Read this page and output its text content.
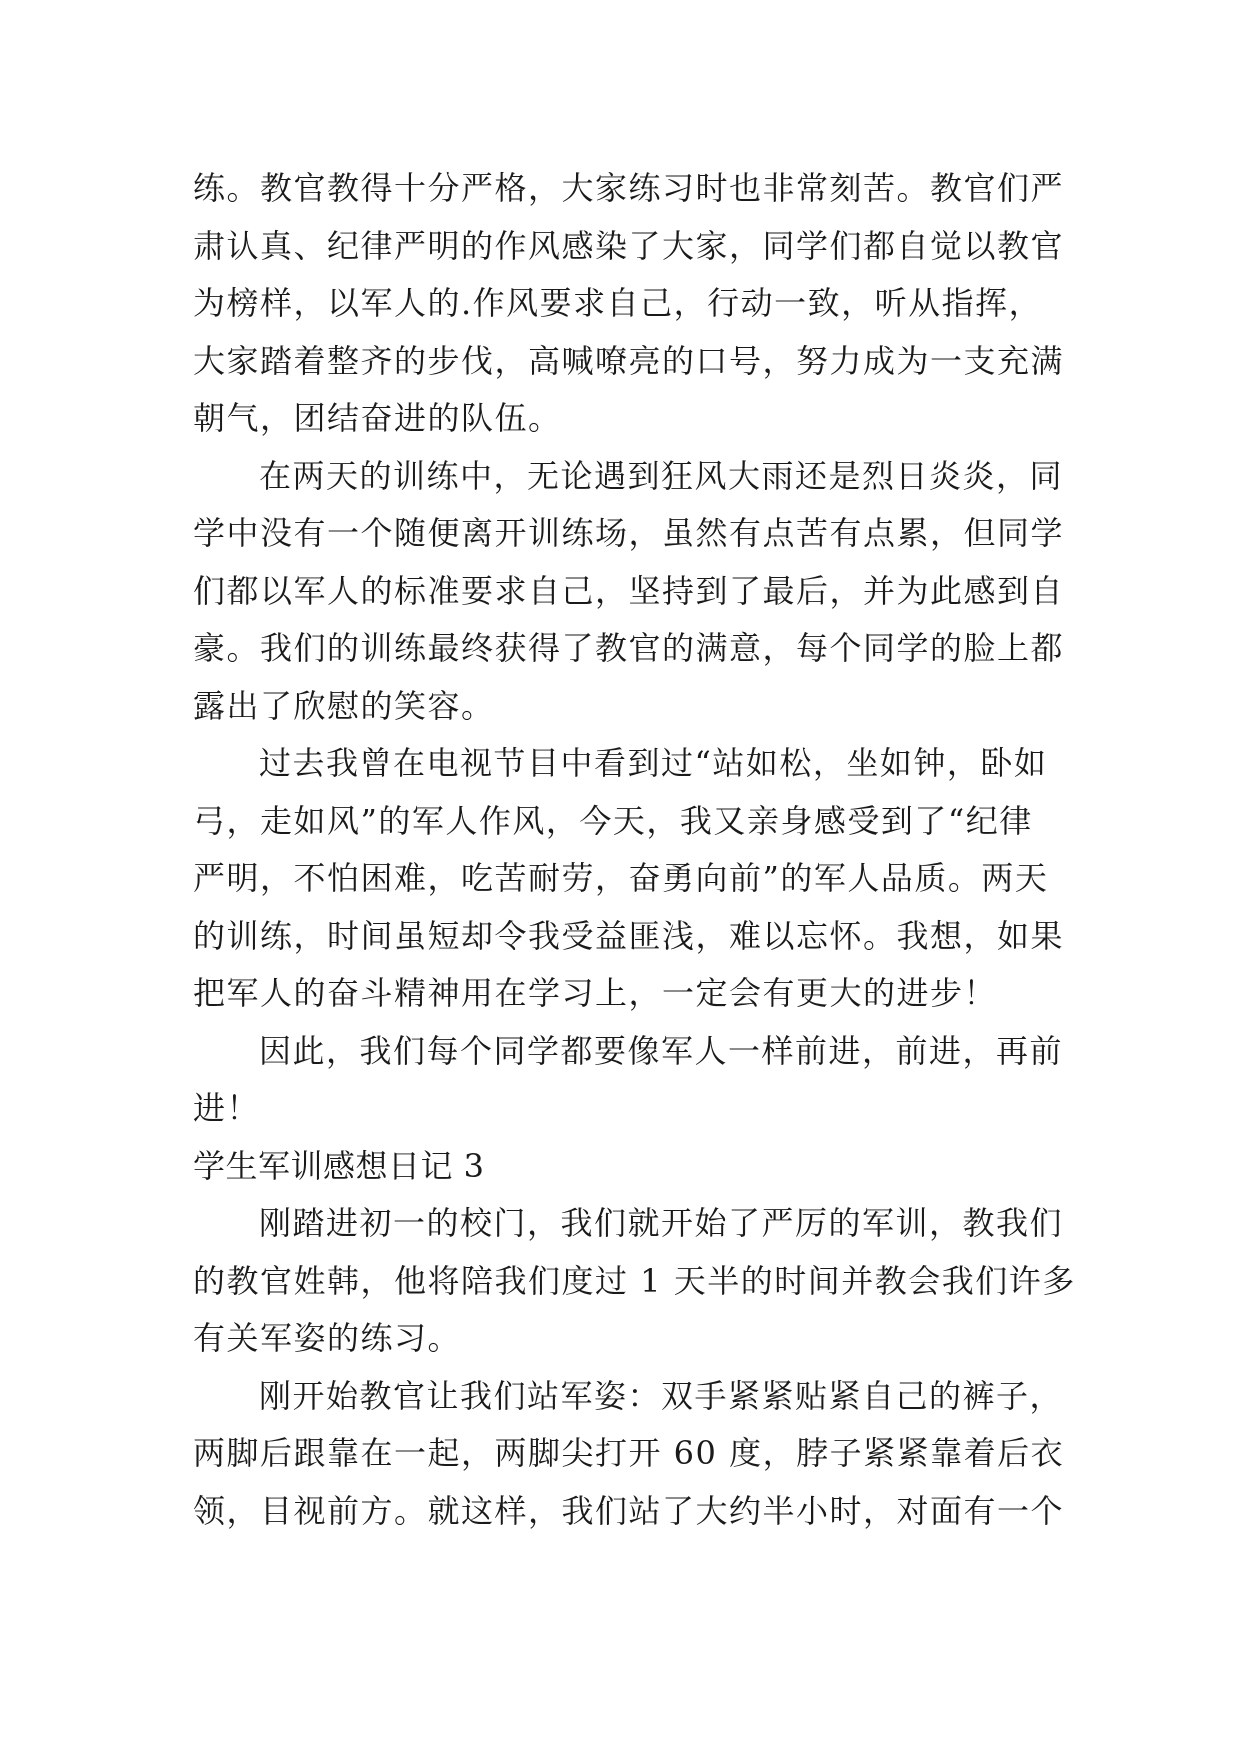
练。教官教得十分严格，大家练习时也非常刻苦。教官们严
肃认真、纪律严明的作风感染了大家，同学们都自觉以教官
为榜样，以军人的.作风要求自己，行动一致，听从指挥，
大家踏着整齐的步伐，高喊嘹亮的口号，努力成为一支充满
朝气，团结奋进的队伍。
在两天的训练中，无论遇到狂风大雨还是烈日炎炎，同
学中没有一个随便离开训练场，虽然有点苦有点累，但同学
们都以军人的标准要求自己，坚持到了最后，并为此感到自
豪。我们的训练最终获得了教官的满意，每个同学的脸上都
露出了欣慰的笑容。
过去我曾在电视节目中看到过“站如松，坐如钟，卧如
弓，走如风”的军人作风，今天，我又亲身感受到了“纪律
严明，不怕困难，吃苦耐劳，奋勇向前”的军人品质。两天
的训练，时间虽短却令我受益匪浅，难以忘怀。我想，如果
把军人的奋斗精神用在学习上，一定会有更大的进步！
因此，我们每个同学都要像军人一样前进，前进，再前
进！
学生军训感想日记 3
刚踏进初一的校门，我们就开始了严厉的军训，教我们
的教官姓韩，他将陪我们度过 1 天半的时间并教会我们许多
有关军姿的练习。
刚开始教官让我们站军姿：双手紧紧贴紧自己的裤子，
两脚后跟靠在一起，两脚尖打开 60 度，脖子紧紧靠着后衣
领，目视前方。就这样，我们站了大约半小时，对面有一个
